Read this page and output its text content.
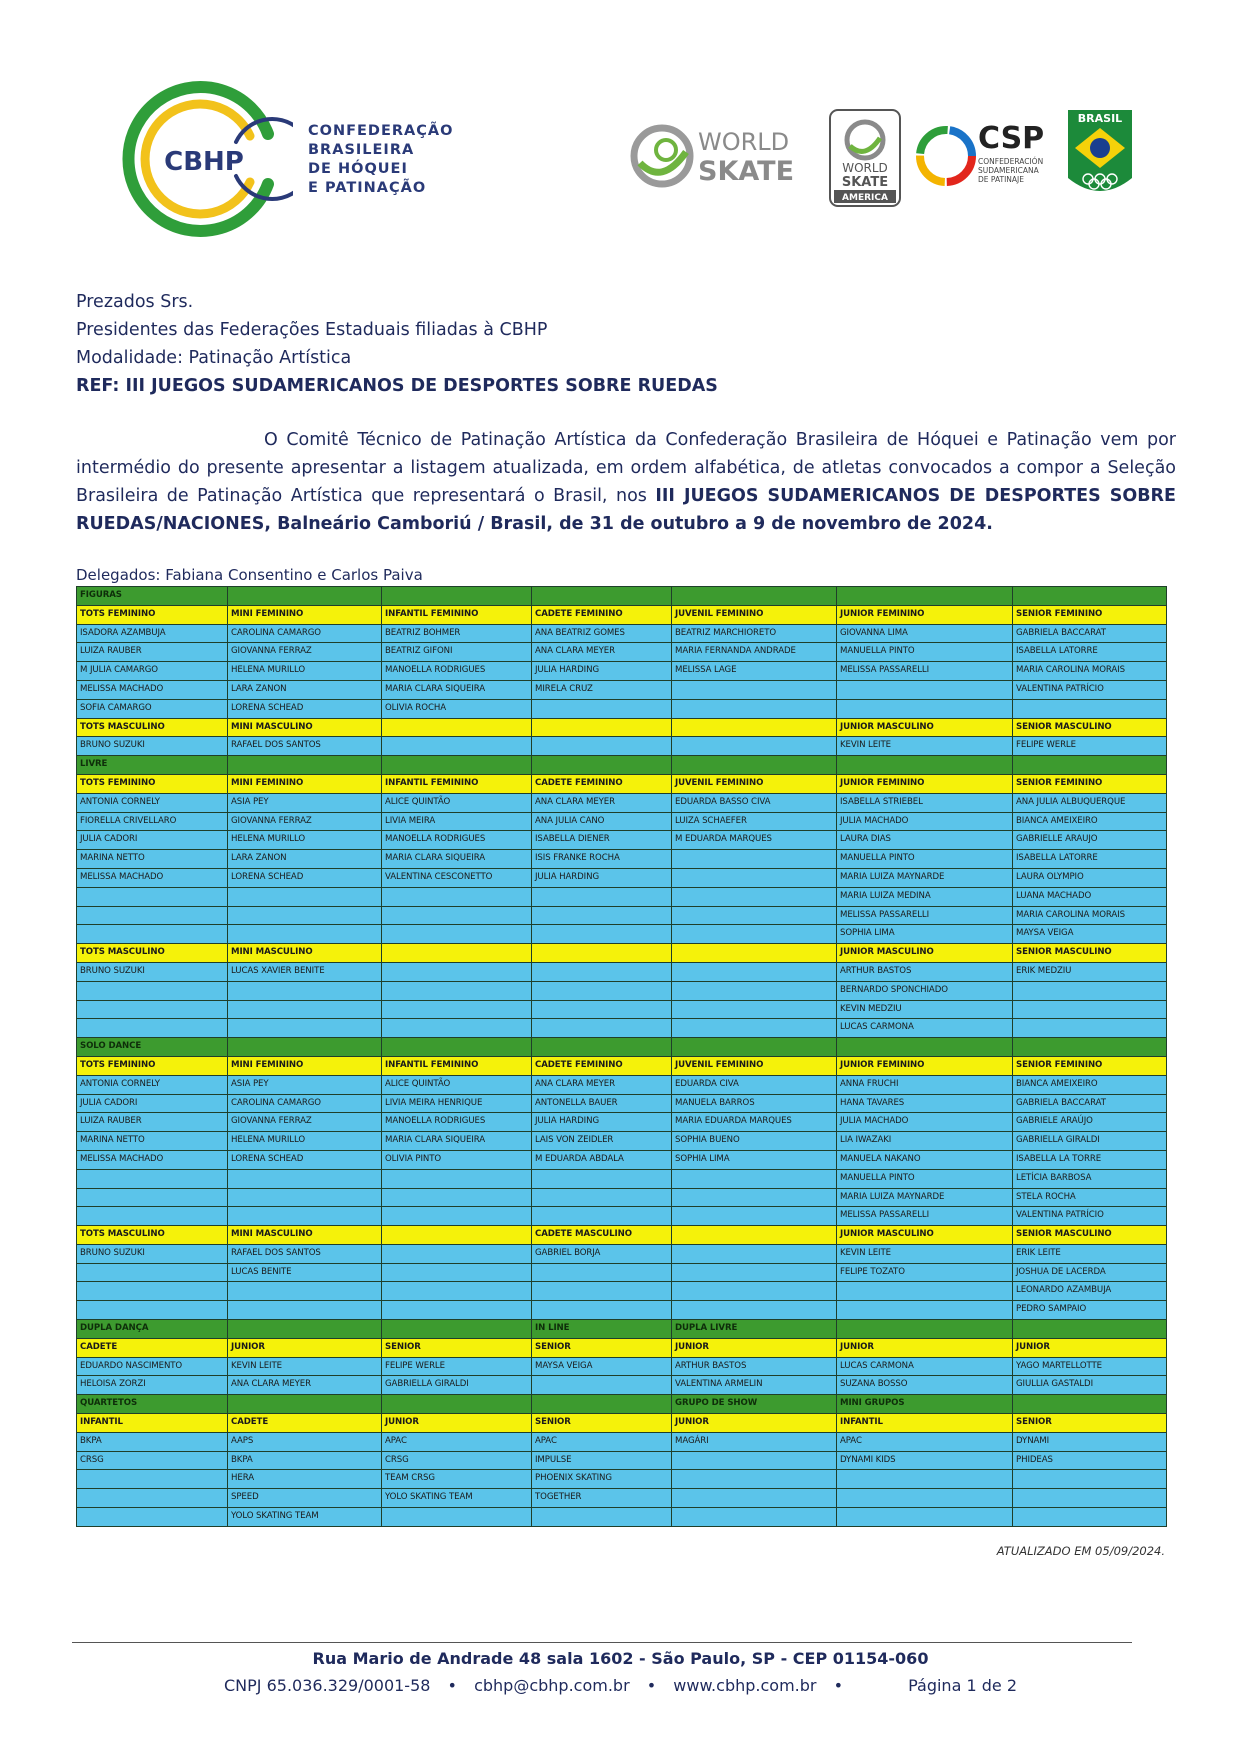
CBHP
CONFEDERAÇÃO
BRASILEIRA
DE HÓQUEI
E PATINAÇÃO
WORLD
SKATE	WORLD
SKATE
AMERICA
CSP
CONFEDERACIÓN
SUDAMERICANA
DE PATINAJE
BRASIL

Prezados Srs.

Presidentes das Federações Estaduais filiadas à CBHP

Modalidade: Patinação Artística

REF: III JUEGOS SUDAMERICANOS DE DESPORTES SOBRE RUEDAS

O Comitê Técnico de Patinação Artística da Confederação Brasileira de Hóquei e Patinação vem por intermédio do presente apresentar a listagem atualizada, em ordem alfabética, de atletas convocados a compor a Seleção Brasileira de Patinação Artística que representará o Brasil, nos III JUEGOS SUDAMERICANOS DE DESPORTES SOBRE RUEDAS/NACIONES, Balneário Camboriú / Brasil, de 31 de outubro a 9 de novembro de 2024.
Delegados: Fabiana Consentino e Carlos Paiva
FIGURAS						
TOTS FEMININO	MINI FEMININO	INFANTIL FEMININO	CADETE FEMININO	JUVENIL FEMININO	JUNIOR FEMININO	SENIOR FEMININO
ISADORA AZAMBUJA	CAROLINA CAMARGO	BEATRIZ BOHMER	ANA BEATRIZ GOMES	BEATRIZ MARCHIORETO	GIOVANNA LIMA	GABRIELA BACCARAT
LUIZA RAUBER	GIOVANNA FERRAZ	BEATRIZ GIFONI	ANA CLARA MEYER	MARIA FERNANDA ANDRADE	MANUELLA PINTO	ISABELLA LATORRE
M JULIA CAMARGO	HELENA MURILLO	MANOELLA RODRIGUES	JULIA HARDING	MELISSA LAGE	MELISSA PASSARELLI	MARIA CAROLINA MORAIS
MELISSA MACHADO	LARA ZANON	MARIA CLARA SIQUEIRA	MIRELA CRUZ			VALENTINA PATRÍCIO
SOFIA CAMARGO	LORENA SCHEAD	OLIVIA ROCHA				
TOTS MASCULINO	MINI MASCULINO				JUNIOR MASCULINO	SENIOR MASCULINO
BRUNO SUZUKI	RAFAEL DOS SANTOS				KEVIN LEITE	FELIPE WERLE
LIVRE						
TOTS FEMININO	MINI FEMININO	INFANTIL FEMININO	CADETE FEMININO	JUVENIL FEMININO	JUNIOR FEMININO	SENIOR FEMININO
ANTONIA CORNELY	ASIA PEY	ALICE QUINTÃO	ANA CLARA MEYER	EDUARDA BASSO CIVA	ISABELLA STRIEBEL	ANA JULIA ALBUQUERQUE
FIORELLA CRIVELLARO	GIOVANNA FERRAZ	LIVIA MEIRA	ANA JULIA CANO	LUIZA SCHAEFER	JULIA MACHADO	BIANCA AMEIXEIRO
JULIA CADORI	HELENA MURILLO	MANOELLA RODRIGUES	ISABELLA DIENER	M EDUARDA MARQUES	LAURA DIAS	GABRIELLE ARAUJO
MARINA NETTO	LARA ZANON	MARIA CLARA SIQUEIRA	ISIS FRANKE ROCHA		MANUELLA PINTO	ISABELLA LATORRE
MELISSA MACHADO	LORENA SCHEAD	VALENTINA CESCONETTO	JULIA HARDING		MARIA LUIZA MAYNARDE	LAURA OLYMPIO
					MARIA LUIZA MEDINA	LUANA MACHADO
					MELISSA PASSARELLI	MARIA CAROLINA MORAIS
					SOPHIA LIMA	MAYSA VEIGA
TOTS MASCULINO	MINI MASCULINO				JUNIOR MASCULINO	SENIOR MASCULINO
BRUNO SUZUKI	LUCAS XAVIER BENITE				ARTHUR BASTOS	ERIK MEDZIU
					BERNARDO SPONCHIADO	
					KEVIN MEDZIU	
					LUCAS CARMONA	
SOLO DANCE						
TOTS FEMININO	MINI FEMININO	INFANTIL FEMININO	CADETE FEMININO	JUVENIL FEMININO	JUNIOR FEMININO	SENIOR FEMININO
ANTONIA CORNELY	ASIA PEY	ALICE QUINTÃO	ANA CLARA MEYER	EDUARDA CIVA	ANNA FRUCHI	BIANCA AMEIXEIRO
JULIA CADORI	CAROLINA CAMARGO	LIVIA MEIRA HENRIQUE	ANTONELLA BAUER	MANUELA BARROS	HANA TAVARES	GABRIELA BACCARAT
LUIZA RAUBER	GIOVANNA FERRAZ	MANOELLA RODRIGUES	JULIA HARDING	MARIA EDUARDA MARQUES	JULIA MACHADO	GABRIELE ARAÚJO
MARINA NETTO	HELENA MURILLO	MARIA CLARA SIQUEIRA	LAIS VON ZEIDLER	SOPHIA BUENO	LIA IWAZAKI	GABRIELLA GIRALDI
MELISSA MACHADO	LORENA SCHEAD	OLIVIA PINTO	M EDUARDA ABDALA	SOPHIA LIMA	MANUELA NAKANO	ISABELLA LA TORRE
					MANUELLA PINTO	LETÍCIA BARBOSA
					MARIA LUIZA MAYNARDE	STELA ROCHA
					MELISSA PASSARELLI	VALENTINA PATRÍCIO
TOTS MASCULINO	MINI MASCULINO		CADETE MASCULINO		JUNIOR MASCULINO	SENIOR MASCULINO
BRUNO SUZUKI	RAFAEL DOS SANTOS		GABRIEL BORJA		KEVIN LEITE	ERIK LEITE
	LUCAS BENITE				FELIPE TOZATO	JOSHUA DE LACERDA
						LEONARDO AZAMBUJA
						PEDRO SAMPAIO
DUPLA DANÇA			IN LINE	DUPLA LIVRE		
CADETE	JUNIOR	SENIOR	SENIOR	JUNIOR	JUNIOR	JUNIOR
EDUARDO NASCIMENTO	KEVIN LEITE	FELIPE WERLE	MAYSA VEIGA	ARTHUR BASTOS	LUCAS CARMONA	YAGO MARTELLOTTE
HELOISA ZORZI	ANA CLARA MEYER	GABRIELLA GIRALDI		VALENTINA ARMELIN	SUZANA BOSSO	GIULLIA GASTALDI
QUARTETOS				GRUPO DE SHOW	MINI GRUPOS	
INFANTIL	CADETE	JUNIOR	SENIOR	JUNIOR	INFANTIL	SENIOR
BKPA	AAPS	APAC	APAC	MAGÁRI	APAC	DYNAMI
CRSG	BKPA	CRSG	IMPULSE		DYNAMI KIDS	PHIDEAS
	HERA	TEAM CRSG	PHOENIX SKATING			
	SPEED	YOLO SKATING TEAM	TOGETHER			
	YOLO SKATING TEAM					
ATUALIZADO EM 05/09/2024.
Rua Mario de Andrade 48 sala 1602 - São Paulo, SP - CEP 01154-060
CNPJ 65.036.329/0001-58 • cbhp@cbhp.com.br • www.cbhp.com.br •	Página 1 de 2
